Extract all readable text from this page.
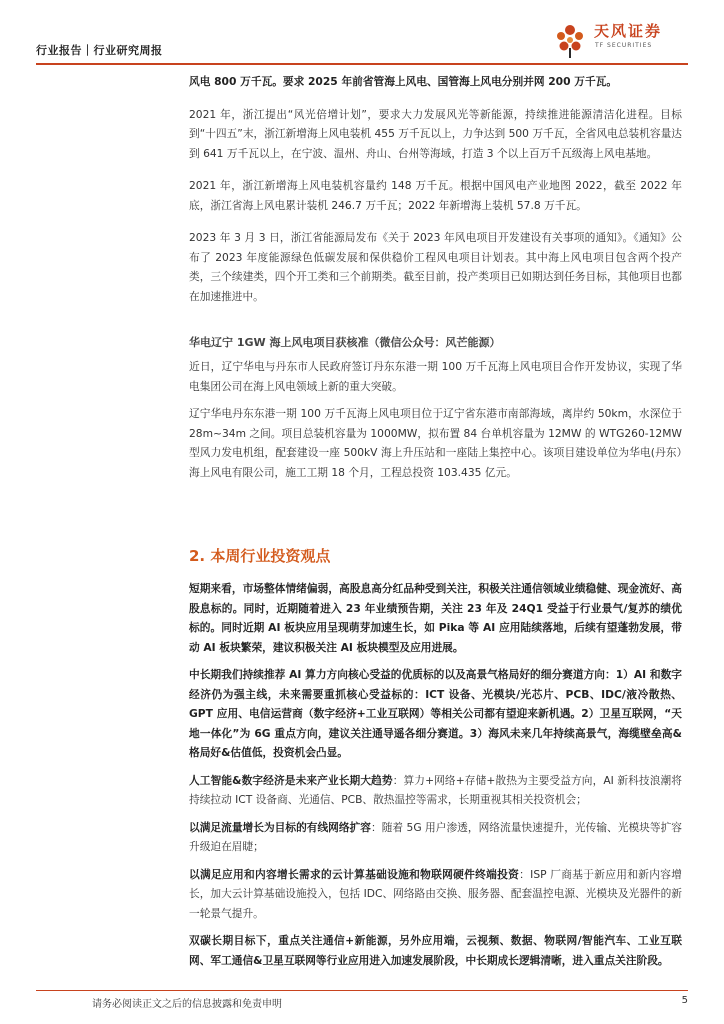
行业报告｜行业研究周报
天风证券
TF SECURITIES

风电 800 万千瓦。要求 2025 年前省管海上风电、国管海上风电分别并网 200 万千瓦。

2021 年，浙江提出“风光倍增计划”，要求大力发展风光等新能源，持续推进能源清洁化进程。目标到“十四五”末，浙江新增海上风电装机 455 万千瓦以上，力争达到 500 万千瓦，全省风电总装机容量达到 641 万千瓦以上，在宁波、温州、舟山、台州等海域，打造 3 个以上百万千瓦级海上风电基地。

2021 年，浙江新增海上风电装机容量约 148 万千瓦。根据中国风电产业地图 2022，截至 2022 年底，浙江省海上风电累计装机 246.7 万千瓦；2022 年新增海上装机 57.8 万千瓦。

2023 年 3 月 3 日，浙江省能源局发布《关于 2023 年风电项目开发建设有关事项的通知》。《通知》公布了 2023 年度能源绿色低碳发展和保供稳价工程风电项目计划表。其中海上风电项目包含两个投产类，三个续建类，四个开工类和三个前期类。截至目前，投产类项目已如期达到任务目标，其他项目也都在加速推进中。

华电辽宁 1GW 海上风电项目获核准（微信公众号：风芒能源）

近日，辽宁华电与丹东市人民政府签订丹东东港一期 100 万千瓦海上风电项目合作开发协议，实现了华电集团公司在海上风电领域上新的重大突破。

辽宁华电丹东东港一期 100 万千瓦海上风电项目位于辽宁省东港市南部海域，离岸约 50km，水深位于 28m~34m 之间。项目总装机容量为 1000MW，拟布置 84 台单机容量为 12MW 的 WTG260-12MW 型风力发电机组，配套建设一座 500kV 海上升压站和一座陆上集控中心。该项目建设单位为华电(丹东）海上风电有限公司，施工工期 18 个月，工程总投资 103.435 亿元。

2. 本周行业投资观点

短期来看，市场整体情绪偏弱，高股息高分红品种受到关注，积极关注通信领域业绩稳健、现金流好、高股息标的。同时，近期随着进入 23 年业绩预告期，关注 23 年及 24Q1 受益于行业景气/复苏的绩优标的。同时近期 AI 板块应用呈现萌芽加速生长，如 Pika 等 AI 应用陆续落地，后续有望蓬勃发展，带动 AI 板块繁荣，建议积极关注 AI 板块模型及应用进展。

中长期我们持续推荐 AI 算力方向核心受益的优质标的以及高景气格局好的细分赛道方向：1）AI 和数字经济仍为强主线，未来需要重抓核心受益标的：ICT 设备、光模块/光芯片、PCB、IDC/液冷散热、GPT 应用、电信运营商（数字经济+工业互联网）等相关公司都有望迎来新机遇。2）卫星互联网，“天地一体化”为 6G 重点方向，建议关注通导遥各细分赛道。3）海风未来几年持续高景气，海缆壁垒高&格局好&估值低，投资机会凸显。

人工智能&数字经济是未来产业长期大趋势：算力+网络+存储+散热为主要受益方向，AI 新科技浪潮将持续拉动 ICT 设备商、光通信、PCB、散热温控等需求，长期重视其相关投资机会；

以满足流量增长为目标的有线网络扩容：随着 5G 用户渗透，网络流量快速提升，光传输、光模块等扩容升级迫在眉睫；

以满足应用和内容增长需求的云计算基础设施和物联网硬件终端投资：ISP 厂商基于新应用和新内容增长，加大云计算基础设施投入，包括 IDC、网络路由交换、服务器、配套温控电源、光模块及光器件的新一轮景气提升。

双碳长期目标下，重点关注通信+新能源，另外应用端，云视频、数据、物联网/智能汽车、工业互联网、军工通信&卫星互联网等行业应用进入加速发展阶段，中长期成长逻辑清晰，进入重点关注阶段。

请务必阅读正文之后的信息披露和免责申明	5
